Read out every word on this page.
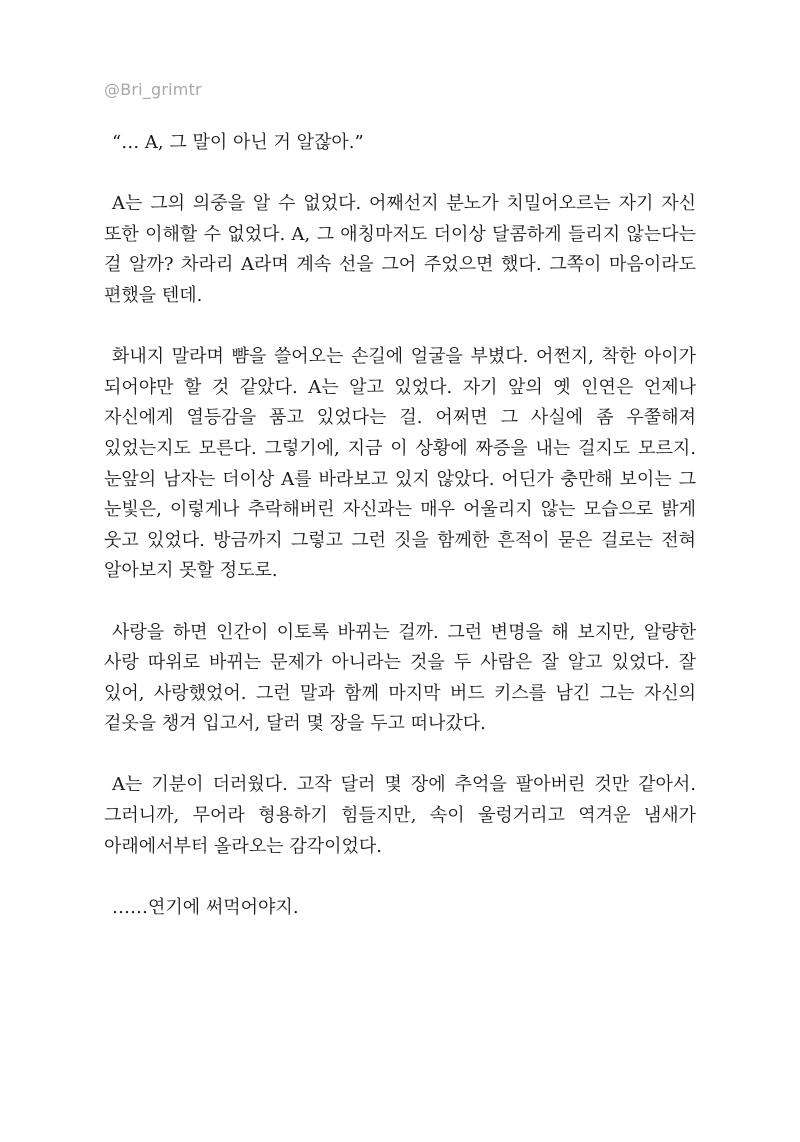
@Bri_grimtr

“… A, 그 말이 아닌 거 알잖아.”

A는 그의 의중을 알 수 없었다. 어째선지 분노가 치밀어오르는 자기 자신 또한 이해할 수 없었다. A, 그 애칭마저도 더이상 달콤하게 들리지 않는다는 걸 알까? 차라리 A라며 계속 선을 그어 주었으면 했다. 그쪽이 마음이라도 편했을 텐데.

화내지 말라며 뺨을 쓸어오는 손길에 얼굴을 부볐다. 어쩐지, 착한 아이가 되어야만 할 것 같았다. A는 알고 있었다. 자기 앞의 옛 인연은 언제나 자신에게 열등감을 품고 있었다는 걸. 어쩌면 그 사실에 좀 우쭐해져 있었는지도 모른다. 그렇기에, 지금 이 상황에 짜증을 내는 걸지도 모르지. 눈앞의 남자는 더이상 A를 바라보고 있지 않았다. 어딘가 충만해 보이는 그 눈빛은, 이렇게나 추락해버린 자신과는 매우 어울리지 않는 모습으로 밝게 웃고 있었다. 방금까지 그렇고 그런 짓을 함께한 흔적이 묻은 걸로는 전혀 알아보지 못할 정도로.

사랑을 하면 인간이 이토록 바뀌는 걸까. 그런 변명을 해 보지만, 알량한 사랑 따위로 바뀌는 문제가 아니라는 것을 두 사람은 잘 알고 있었다. 잘 있어, 사랑했었어. 그런 말과 함께 마지막 버드 키스를 남긴 그는 자신의 겉옷을 챙겨 입고서, 달러 몇 장을 두고 떠나갔다.

A는 기분이 더러웠다. 고작 달러 몇 장에 추억을 팔아버린 것만 같아서. 그러니까, 무어라 형용하기 힘들지만, 속이 울렁거리고 역겨운 냄새가 아래에서부터 올라오는 감각이었다.

……연기에 써먹어야지.
